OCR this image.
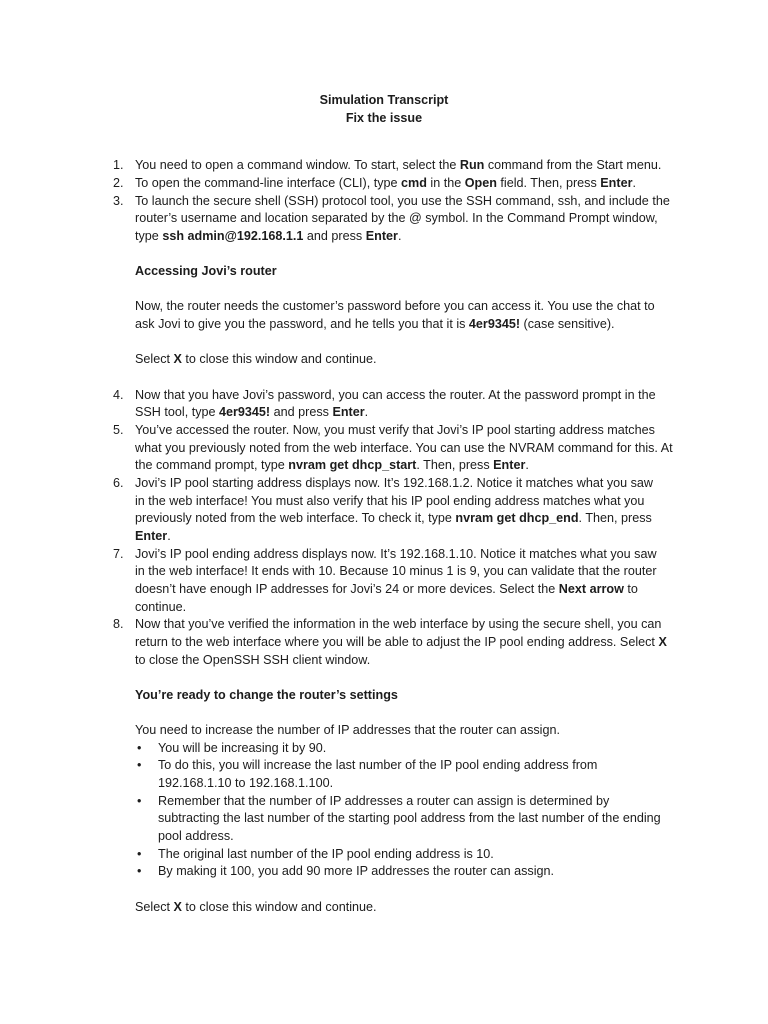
Simulation Transcript
Fix the issue
1. You need to open a command window. To start, select the Run command from the Start menu.
2. To open the command-line interface (CLI), type cmd in the Open field. Then, press Enter.
3. To launch the secure shell (SSH) protocol tool, you use the SSH command, ssh, and include the
router’s username and location separated by the @ symbol. In the Command Prompt window,
type ssh admin@192.168.1.1 and press Enter.
Accessing Jovi’s router
Now, the router needs the customer’s password before you can access it. You use the chat to
ask Jovi to give you the password, and he tells you that it is 4er9345! (case sensitive).
Select X to close this window and continue.
4. Now that you have Jovi’s password, you can access the router. At the password prompt in the
SSH tool, type 4er9345! and press Enter.
5. You’ve accessed the router. Now, you must verify that Jovi’s IP pool starting address matches
what you previously noted from the web interface. You can use the NVRAM command for this. At
the command prompt, type nvram get dhcp_start. Then, press Enter.
6. Jovi’s IP pool starting address displays now. It’s 192.168.1.2. Notice it matches what you saw
in the web interface! You must also verify that his IP pool ending address matches what you
previously noted from the web interface. To check it, type nvram get dhcp_end. Then, press
Enter.
7. Jovi’s IP pool ending address displays now. It’s 192.168.1.10. Notice it matches what you saw
in the web interface! It ends with 10. Because 10 minus 1 is 9, you can validate that the router
doesn’t have enough IP addresses for Jovi’s 24 or more devices. Select the Next arrow to
continue.
8. Now that you’ve verified the information in the web interface by using the secure shell, you can
return to the web interface where you will be able to adjust the IP pool ending address. Select X
to close the OpenSSH SSH client window.
You’re ready to change the router’s settings
You need to increase the number of IP addresses that the router can assign.
• You will be increasing it by 90.
• To do this, you will increase the last number of the IP pool ending address from
192.168.1.10 to 192.168.1.100.
• Remember that the number of IP addresses a router can assign is determined by
subtracting the last number of the starting pool address from the last number of the ending
pool address.
• The original last number of the IP pool ending address is 10.
• By making it 100, you add 90 more IP addresses the router can assign.
Select X to close this window and continue.
